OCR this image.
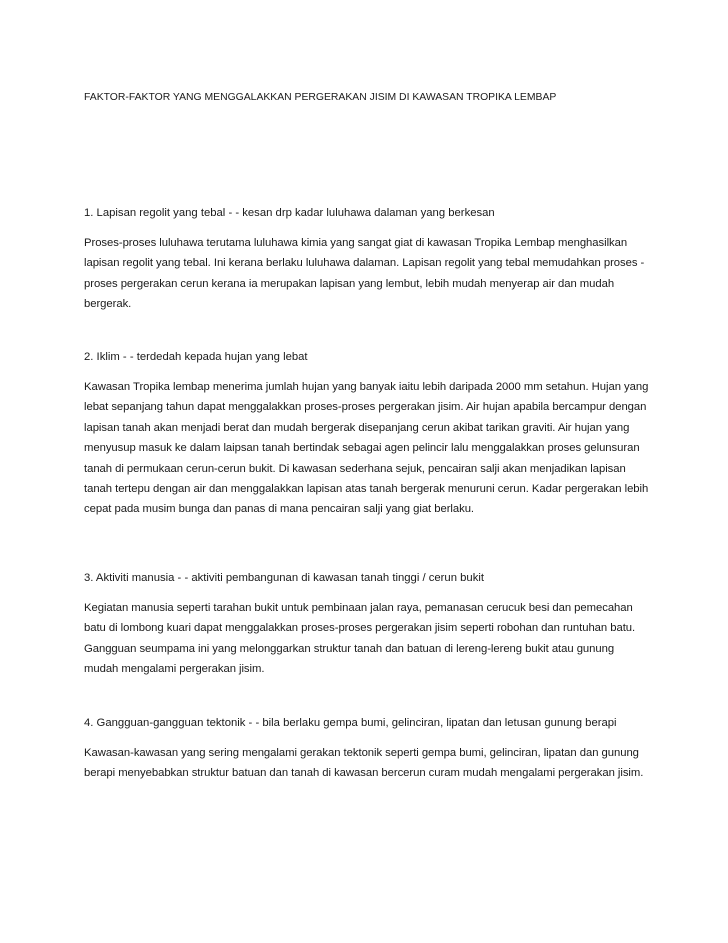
FAKTOR-FAKTOR YANG MENGGALAKKAN PERGERAKAN JISIM DI KAWASAN TROPIKA LEMBAP

1. Lapisan regolit yang tebal - - kesan drp kadar luluhawa dalaman yang berkesan

Proses-proses luluhawa terutama luluhawa kimia yang sangat giat di kawasan Tropika Lembap menghasilkan lapisan regolit yang tebal. Ini kerana berlaku luluhawa dalaman. Lapisan regolit yang tebal memudahkan proses - proses pergerakan cerun kerana ia merupakan lapisan yang lembut, lebih mudah menyerap air dan mudah bergerak.

2. Iklim - - terdedah kepada hujan yang lebat

Kawasan Tropika lembap menerima jumlah hujan yang banyak iaitu lebih daripada 2000 mm setahun. Hujan yang lebat sepanjang tahun dapat menggalakkan proses-proses pergerakan jisim. Air hujan apabila bercampur dengan lapisan tanah akan menjadi berat dan mudah bergerak disepanjang cerun akibat tarikan graviti. Air hujan yang menyusup masuk ke dalam laipsan tanah bertindak sebagai agen pelincir lalu menggalakkan proses gelunsuran tanah di permukaan cerun-cerun bukit. Di kawasan sederhana sejuk, pencairan salji akan menjadikan lapisan tanah tertepu dengan air dan menggalakkan lapisan atas tanah bergerak menuruni cerun. Kadar pergerakan lebih cepat pada musim bunga dan panas di mana pencairan salji yang giat berlaku.

3. Aktiviti manusia - - aktiviti pembangunan di kawasan tanah tinggi / cerun bukit

Kegiatan manusia seperti tarahan bukit untuk pembinaan jalan raya, pemanasan cerucuk besi dan pemecahan batu di lombong kuari dapat menggalakkan proses-proses pergerakan jisim seperti robohan dan runtuhan batu. Gangguan seumpama ini yang melonggarkan struktur tanah dan batuan di lereng-lereng bukit atau gunung mudah mengalami pergerakan jisim.

4. Gangguan-gangguan tektonik - - bila berlaku gempa bumi, gelinciran, lipatan dan letusan gunung berapi

Kawasan-kawasan yang sering mengalami gerakan tektonik seperti gempa bumi, gelinciran, lipatan dan gunung berapi menyebabkan struktur batuan dan tanah di kawasan bercerun curam mudah mengalami pergerakan jisim.
